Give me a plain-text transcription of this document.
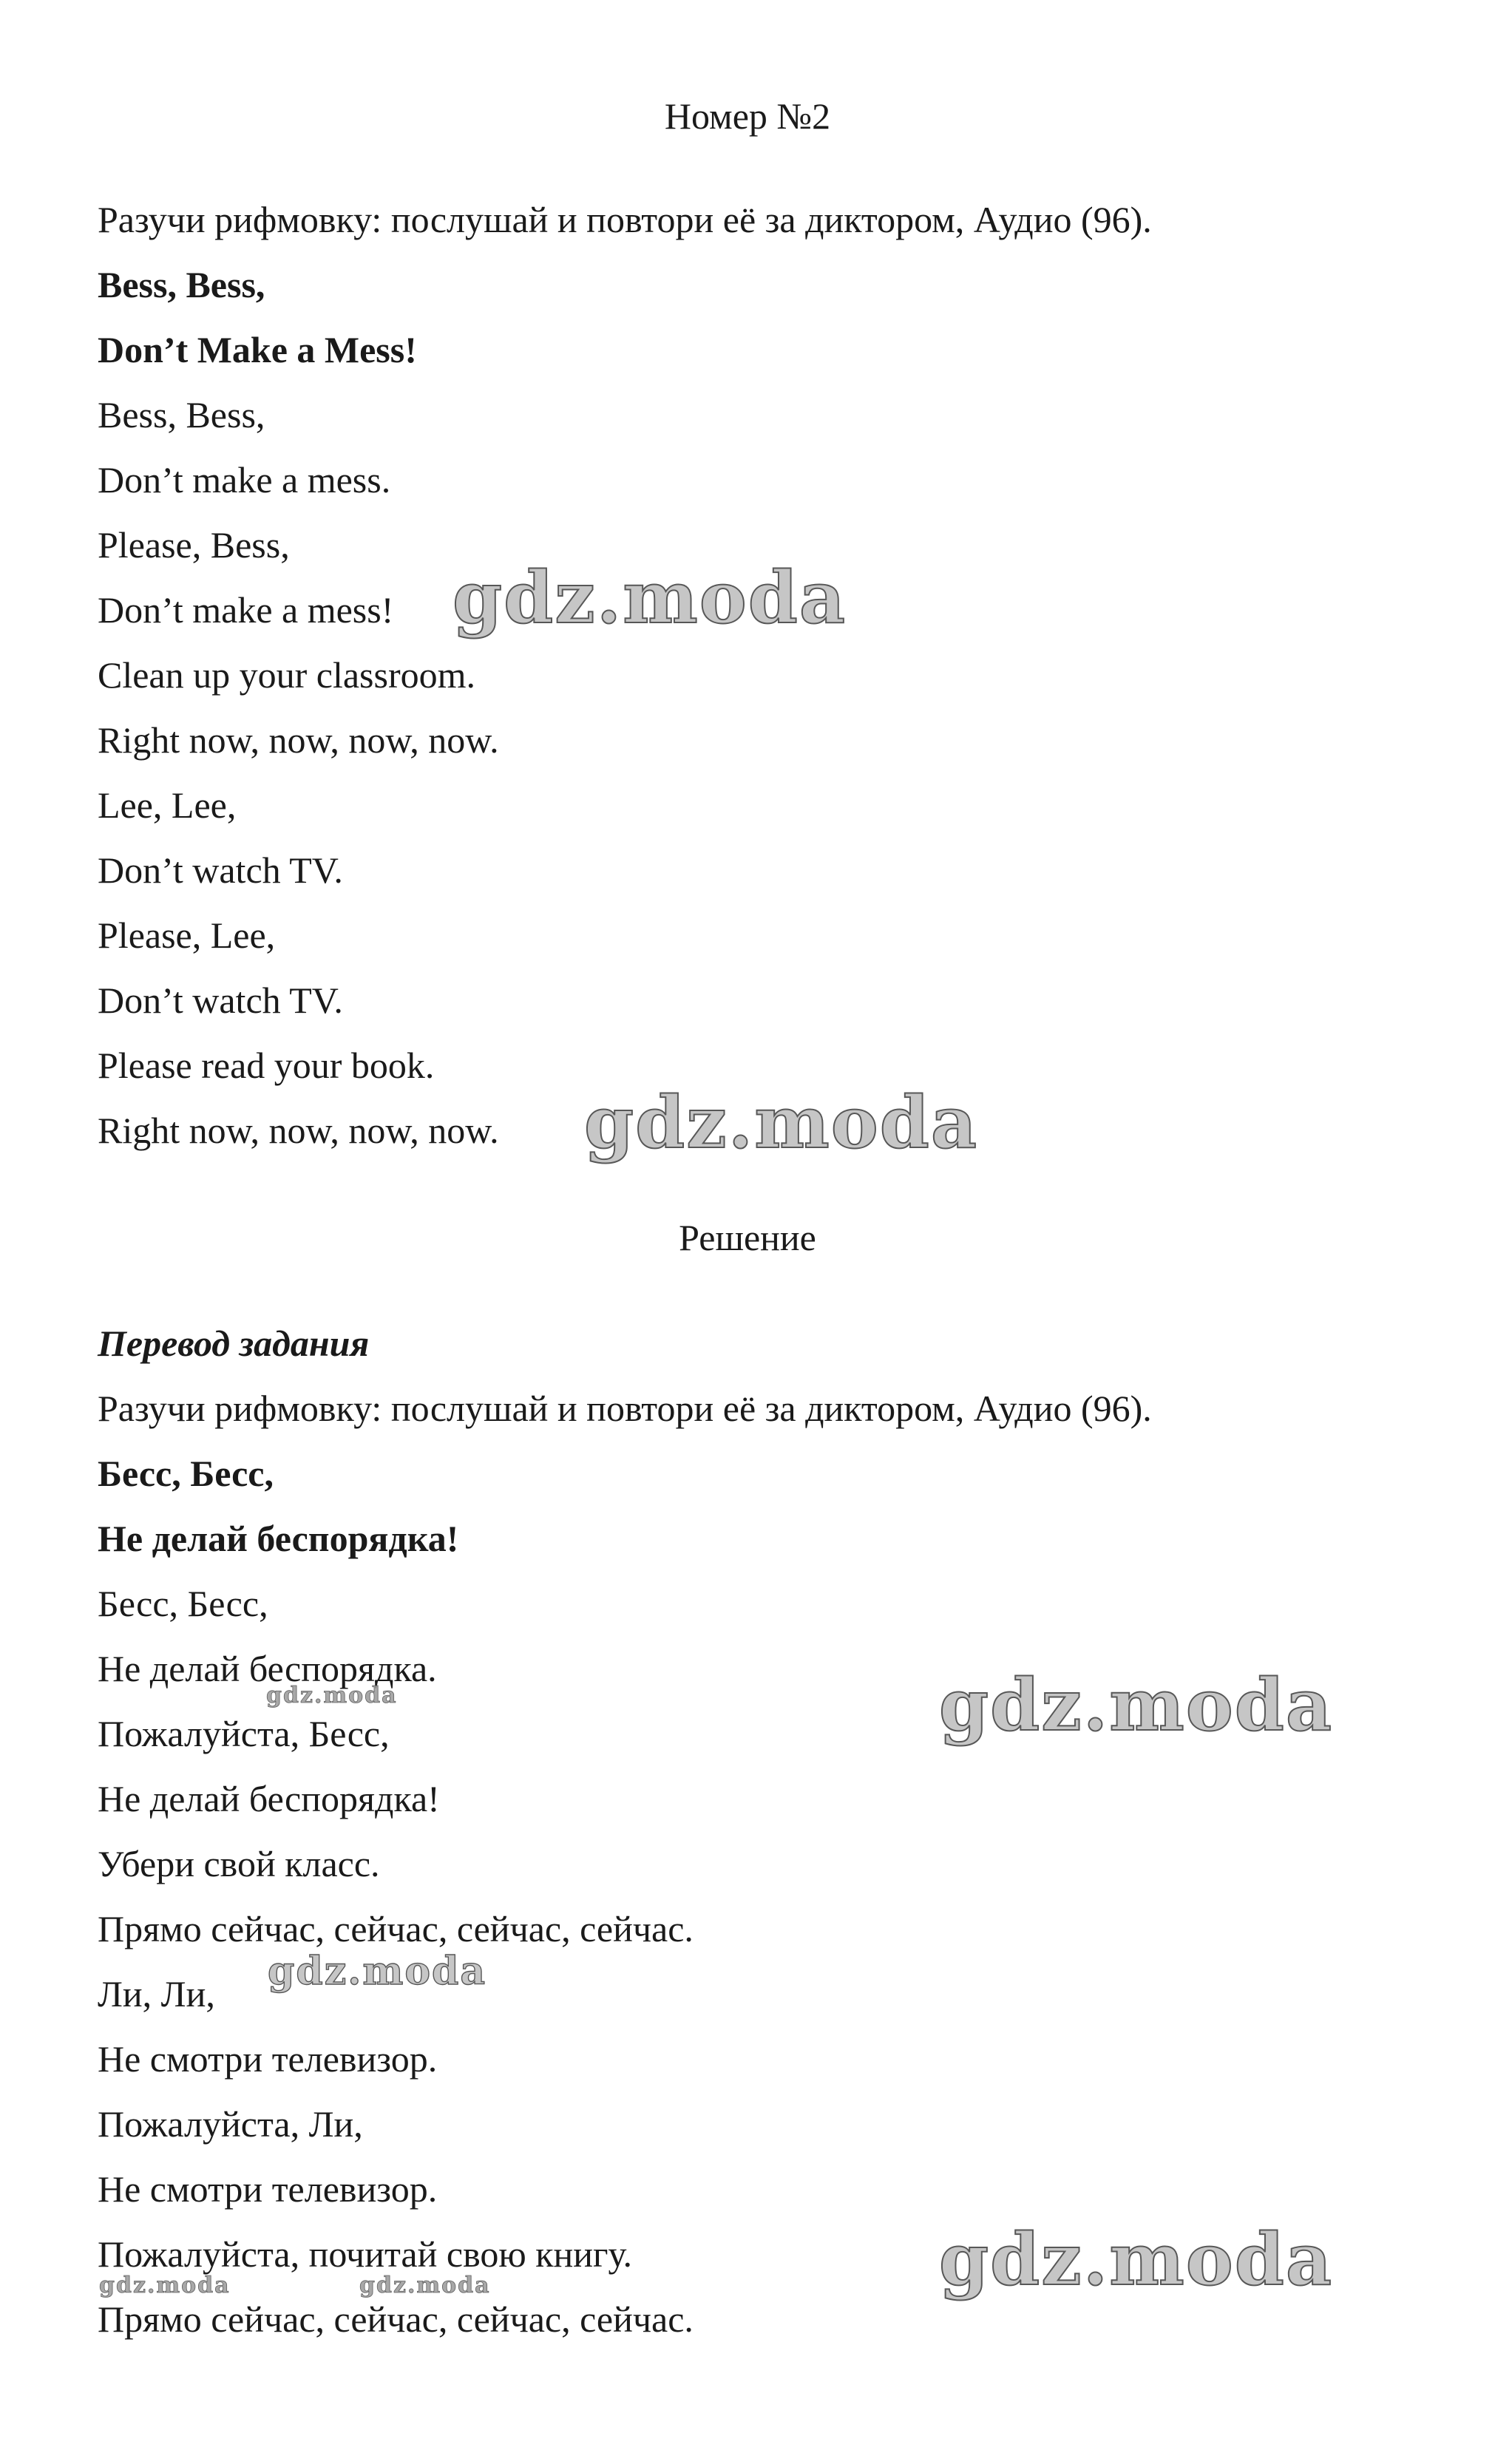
Номер №2
Разучи рифмовку: послушай и повтори её за диктором, Аудио (96).
Bess, Bess,
Don’t Make a Mess!
Bess, Bess,
Don’t make a mess.
Please, Bess,
Don’t make a mess!
Clean up your classroom.
Right now, now, now, now.
Lee, Lee,
Don’t watch TV.
Please, Lee,
Don’t watch TV.
Please read your book.
Right now, now, now, now.
Решение
Перевод задания
Разучи рифмовку: послушай и повтори её за диктором, Аудио (96).
Бесс, Бесс,
Не делай беспорядка!
Бесс, Бесс,
Не делай беспорядка.
Пожалуйста, Бесс,
Не делай беспорядка!
Убери свой класс.
Прямо сейчас, сейчас, сейчас, сейчас.
Ли, Ли,
Не смотри телевизор.
Пожалуйста, Ли,
Не смотри телевизор.
Пожалуйста, почитай свою книгу.
Прямо сейчас, сейчас, сейчас, сейчас.
gdz.moda
gdz.moda
gdz.moda
gdz.moda
gdz.moda
gdz.moda
gdz.moda	gdz.moda
